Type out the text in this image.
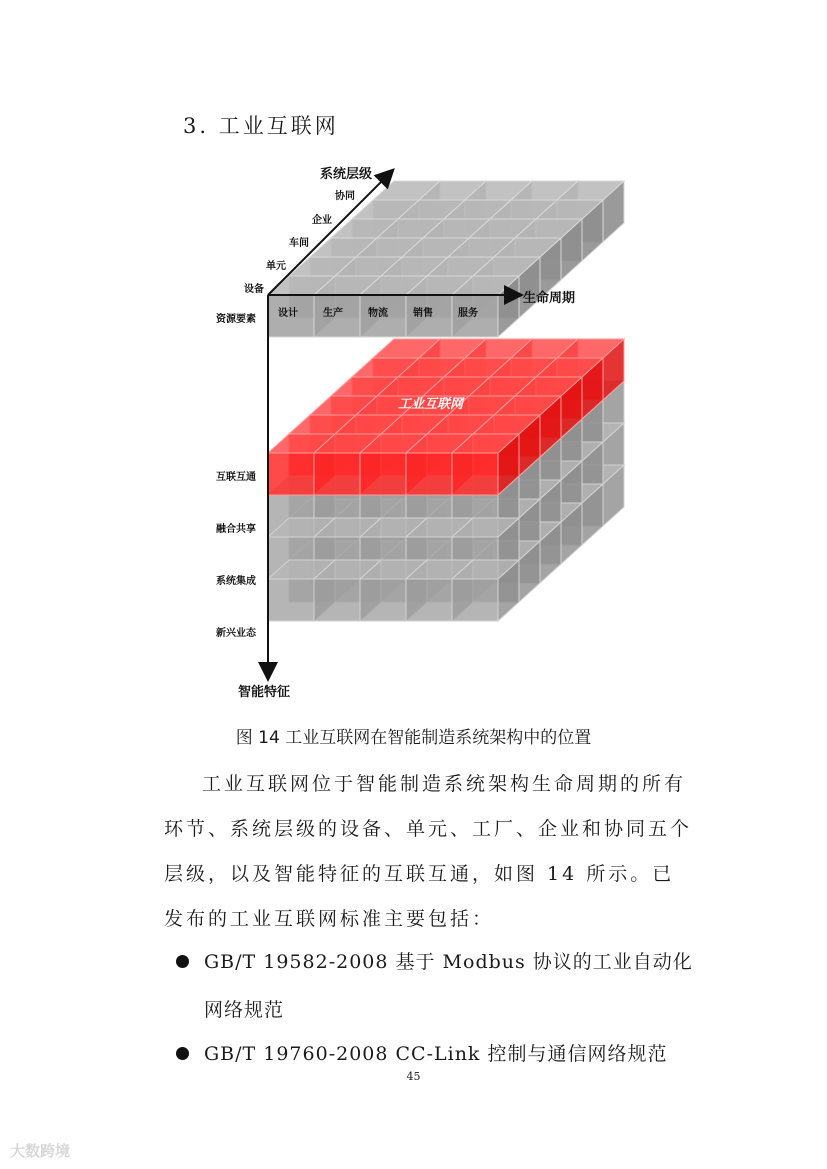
3. 工业互联网
系统层级
生命周期
智能特征
协同
企业
车间
单元
设备
设计	生产	物流	销售	服务
资源要素
互联互通
融合共享
系统集成
新兴业态
工业互联网
图 14 工业互联网在智能制造系统架构中的位置

工业互联网位于智能制造系统架构生命周期的所有环节、系统层级的设备、单元、工厂、企业和协同五个层级，以及智能特征的互联互通，如图 14 所示。已发布的工业互联网标准主要包括：

GB/T 19582-2008 基于 Modbus 协议的工业自动化网络规范
GB/T 19760-2008 CC-Link 控制与通信网络规范
45
大数跨境
